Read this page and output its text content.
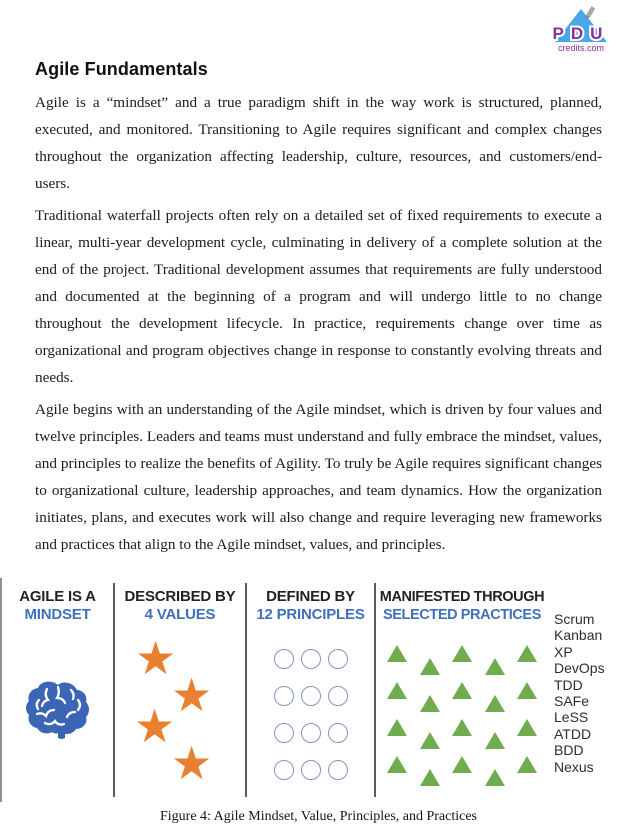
PDU
credits.com
Agile Fundamentals

Agile is a “mindset” and a true paradigm shift in the way work is structured, planned, executed, and monitored. Transitioning to Agile requires significant and complex changes throughout the organization affecting leadership, culture, resources, and customers/end-users.

Traditional waterfall projects often rely on a detailed set of fixed requirements to execute a linear, multi-year development cycle, culminating in delivery of a complete solution at the end of the project. Traditional development assumes that requirements are fully understood and documented at the beginning of a program and will undergo little to no change throughout the development lifecycle. In practice, requirements change over time as organizational and program objectives change in response to constantly evolving threats and needs.

Agile begins with an understanding of the Agile mindset, which is driven by four values and twelve principles. Leaders and teams must understand and fully embrace the mindset, values, and principles to realize the benefits of Agility. To truly be Agile requires significant changes to organizational culture, leadership approaches, and team dynamics. How the organization initiates, plans, and executes work will also change and require leveraging new frameworks and practices that align to the Agile mindset, values, and principles.

AGILE IS A
MINDSET
DESCRIBED BY
4 VALUES
★
★
★
★
DEFINED BY
12 PRINCIPLES
MANIFESTED THROUGH
SELECTED PRACTICES Scrum
Kanban
XP
DevOps
TDD
SAFe
LeSS
ATDD
BDD
Nexus
Figure 4: Agile Mindset, Value, Principles, and Practices
